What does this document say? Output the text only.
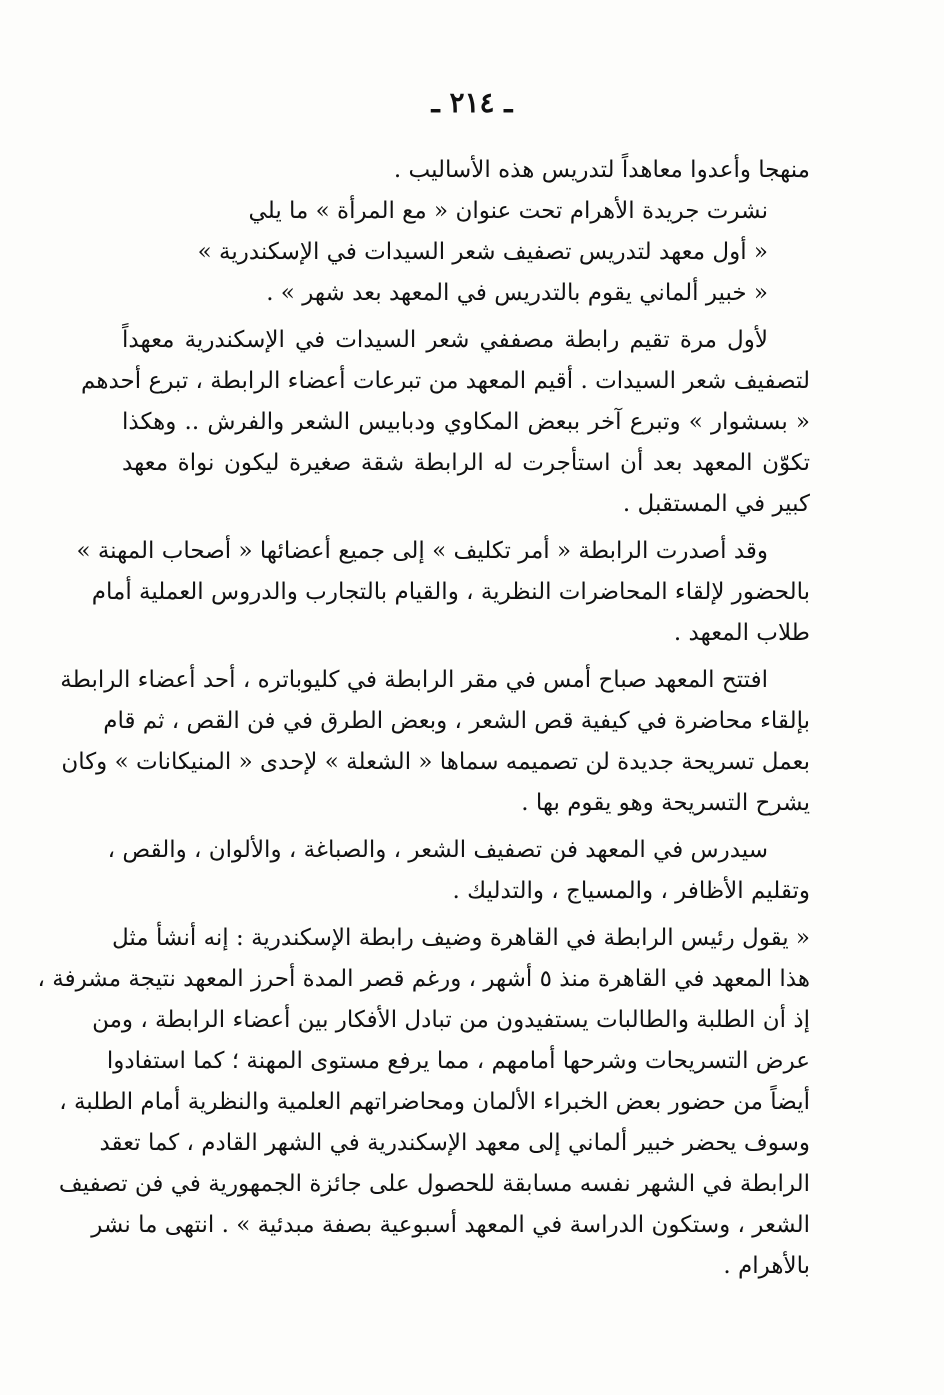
ـ ٢١٤ ـ
منهجا وأعدوا معاهداً لتدريس هذه الأساليب .
نشرت جريدة الأهرام تحت عنوان « مع المرأة » ما يلي
« أول معهد لتدريس تصفيف شعر السيدات في الإسكندرية »
« خبير ألماني يقوم بالتدريس في المعهد بعد شهر » .
لأول مرة تقيم رابطة مصففي شعر السيدات في الإسكندرية معهداً
لتصفيف شعر السيدات . أقيم المعهد من تبرعات أعضاء الرابطة ، تبرع أحدهم
« بسشوار » وتبرع آخر ببعض المكاوي ودبابيس الشعر والفرش .. وهكذا
تكوّن المعهد بعد أن استأجرت له الرابطة شقة صغيرة ليكون نواة معهد
كبير في المستقبل .
وقد أصدرت الرابطة « أمر تكليف » إلى جميع أعضائها « أصحاب المهنة »
بالحضور لإلقاء المحاضرات النظرية ، والقيام بالتجارب والدروس العملية أمام
طلاب المعهد .
افتتح المعهد صباح أمس في مقر الرابطة في كليوباتره ، أحد أعضاء الرابطة
بإلقاء محاضرة في كيفية قص الشعر ، وبعض الطرق في فن القص ، ثم قام
بعمل تسريحة جديدة لن تصميمه سماها « الشعلة » لإحدى « المنيكانات » وكان
يشرح التسريحة وهو يقوم بها .
سيدرس في المعهد فن تصفيف الشعر ، والصباغة ، والألوان ، والقص ،
وتقليم الأظافر ، والمسياج ، والتدليك .
« يقول رئيس الرابطة في القاهرة وضيف رابطة الإسكندرية : إنه أنشأ مثل
هذا المعهد في القاهرة منذ ٥ أشهر ، ورغم قصر المدة أحرز المعهد نتيجة مشرفة ،
إذ أن الطلبة والطالبات يستفيدون من تبادل الأفكار بين أعضاء الرابطة ، ومن
عرض التسريحات وشرحها أمامهم ، مما يرفع مستوى المهنة ؛ كما استفادوا
أيضاً من حضور بعض الخبراء الألمان ومحاضراتهم العلمية والنظرية أمام الطلبة ،
وسوف يحضر خبير ألماني إلى معهد الإسكندرية في الشهر القادم ، كما تعقد
الرابطة في الشهر نفسه مسابقة للحصول على جائزة الجمهورية في فن تصفيف
الشعر ، وستكون الدراسة في المعهد أسبوعية بصفة مبدئية » . انتهى ما نشر
بالأهرام .
